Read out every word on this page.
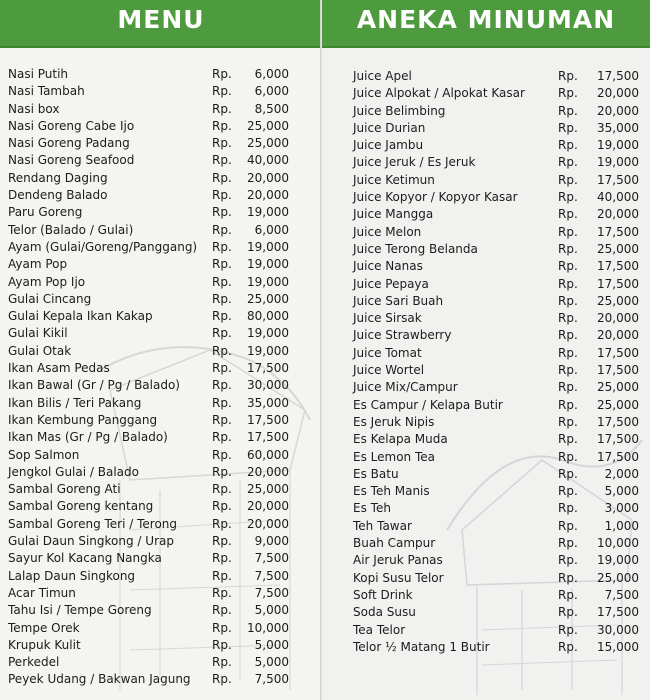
MENU
Nasi Putih	Rp. 6,000
Nasi Tambah	Rp. 6,000
Nasi box	Rp. 8,500
Nasi Goreng Cabe Ijo	Rp. 25,000
Nasi Goreng Padang	Rp. 25,000
Nasi Goreng Seafood	Rp. 40,000
Rendang Daging	Rp. 20,000
Dendeng Balado	Rp. 20,000
Paru Goreng	Rp. 19,000
Telor (Balado / Gulai)	Rp. 6,000
Ayam (Gulai/Goreng/Panggang) Rp. 19,000
Ayam Pop	Rp. 19,000
Ayam Pop Ijo	Rp. 19,000
Gulai Cincang	Rp. 25,000
Gulai Kepala Ikan Kakap	Rp. 80,000
Gulai Kikil	Rp. 19,000
Gulai Otak	Rp. 19,000
Ikan Asam Pedas	Rp. 17,500
Ikan Bawal (Gr / Pg / Balado)	Rp. 30,000
Ikan Bilis / Teri Pakang	Rp. 35,000
Ikan Kembung Panggang	Rp. 17,500
Ikan Mas (Gr / Pg / Balado)	Rp. 17,500
Sop Salmon	Rp. 60,000
Jengkol Gulai / Balado	Rp. 20,000
Sambal Goreng Ati	Rp. 25,000
Sambal Goreng kentang	Rp. 20,000
Sambal Goreng Teri / Terong	Rp. 20,000
Gulai Daun Singkong / Urap	Rp. 9,000
Sayur Kol Kacang Nangka	Rp. 7,500
Lalap Daun Singkong	Rp. 7,500
Acar Timun	Rp. 7,500
Tahu Isi / Tempe Goreng	Rp. 5,000
Tempe Orek	Rp. 10,000
Krupuk Kulit	Rp. 5,000
Perkedel	Rp. 5,000
Peyek Udang / Bakwan Jagung Rp. 7,500
ANEKA MINUMAN
Juice Apel	Rp. 17,500
Juice Alpokat / Alpokat Kasar	Rp. 20,000
Juice Belimbing	Rp. 20,000
Juice Durian	Rp. 35,000
Juice Jambu	Rp. 19,000
Juice Jeruk / Es Jeruk	Rp. 19,000
Juice Ketimun	Rp. 17,500
Juice Kopyor / Kopyor Kasar	Rp. 40,000
Juice Mangga	Rp. 20,000
Juice Melon	Rp. 17,500
Juice Terong Belanda	Rp. 25,000
Juice Nanas	Rp. 17,500
Juice Pepaya	Rp. 17,500
Juice Sari Buah	Rp. 25,000
Juice Sirsak	Rp. 20,000
Juice Strawberry	Rp. 20,000
Juice Tomat	Rp. 17,500
Juice Wortel	Rp. 17,500
Juice Mix/Campur	Rp. 25,000
Es Campur / Kelapa Butir	Rp. 25,000
Es Jeruk Nipis	Rp. 17,500
Es Kelapa Muda	Rp. 17,500
Es Lemon Tea	Rp. 17,500
Es Batu	Rp. 2,000
Es Teh Manis	Rp. 5,000
Es Teh	Rp. 3,000
Teh Tawar	Rp. 1,000
Buah Campur	Rp. 10,000
Air Jeruk Panas	Rp. 19,000
Kopi Susu Telor	Rp. 25,000
Soft Drink	Rp. 7,500
Soda Susu	Rp. 17,500
Tea Telor	Rp. 30,000
Telor ½ Matang 1 Butir	Rp. 15,000
